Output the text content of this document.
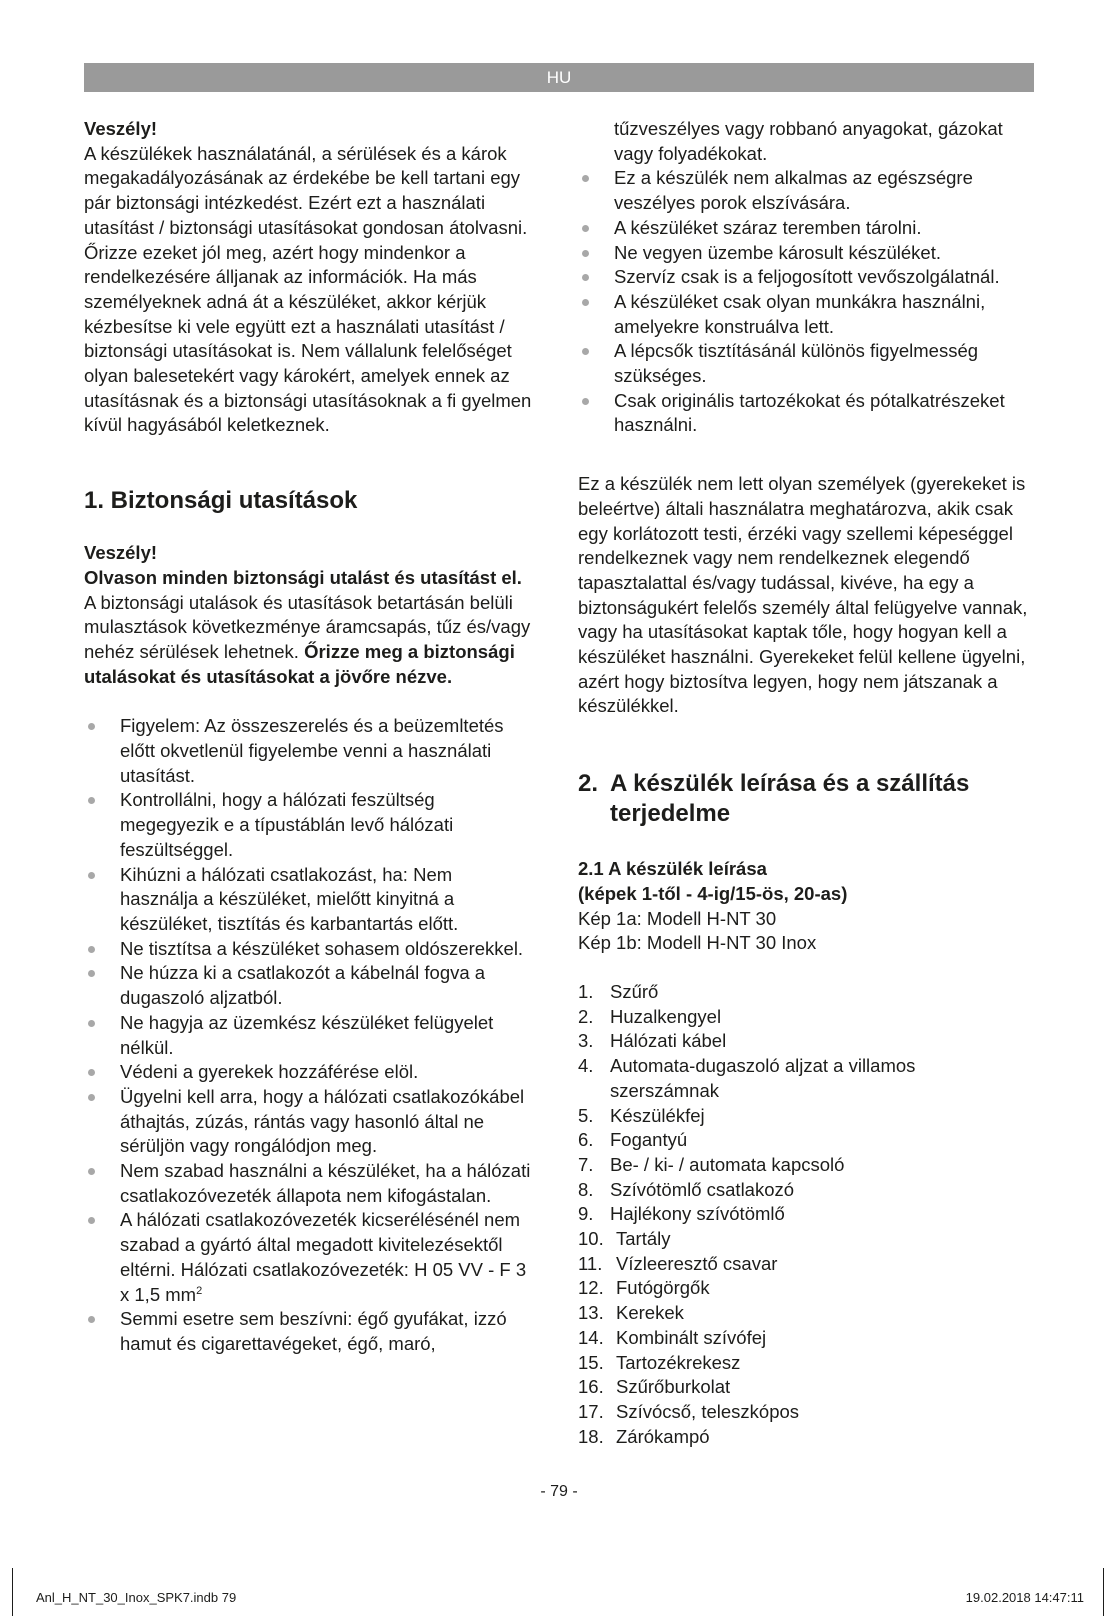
HU

Veszély!

A készülékek használatánál, a sérülések és a károk megakadályozásának az érdekébe be kell tartani egy pár biztonsági intézkedést. Ezért ezt a használati utasítást / biztonsági utasításokat gondosan átolvasni. Őrizze ezeket jól meg, azért hogy mindenkor a rendelkezésére álljanak az információk. Ha más személyeknek adná át a készüléket, akkor kérjük kézbesítse ki vele együtt ezt a használati utasítást / biztonsági utasításokat is. Nem vállalunk felelőséget olyan balesetekért vagy károkért, amelyek ennek az utasításnak és a biztonsági utasításoknak a fi gyelmen kívül hagyásából keletkeznek.

1. Biztonsági utasítások

Veszély!

Olvason minden biztonsági utalást és utasítást el. A biztonsági utalások és utasítások betartásán belüli mulasztások következménye áramcsapás, tűz és/vagy nehéz sérülések lehetnek. Őrizze meg a biztonsági utalásokat és utasításokat a jövőre nézve.

Figyelem: Az összeszerelés és a beüzemltetés előtt okvetlenül figyelembe venni a használati utasítást.
Kontrollálni, hogy a hálózati feszültség megegyezik e a típustáblán levő hálózati feszültséggel.
Kihúzni a hálózati csatlakozást, ha: Nem használja a készüléket, mielőtt kinyitná a készüléket, tisztítás és karbantartás előtt.
Ne tisztítsa a készüléket sohasem oldószerekkel.
Ne húzza ki a csatlakozót a kábelnál fogva a dugaszoló aljzatból.
Ne hagyja az üzemkész készüléket felügyelet nélkül.
Védeni a gyerekek hozzáférése elöl.
Ügyelni kell arra, hogy a hálózati csatlakozókábel áthajtás, zúzás, rántás vagy hasonló által ne sérüljön vagy rongálódjon meg.
Nem szabad használni a készüléket, ha a hálózati csatlakozóvezeték állapota nem kifogástalan.
A hálózati csatlakozóvezeték kicserélésénél nem szabad a gyártó által megadott kivitelezésektől eltérni. Hálózati csatlakozóvezeték: H 05 VV - F 3 x 1,5 $mm^2$
Semmi esetre sem beszívni: égő gyufákat, izzó hamut és cigarettavégeket, égő, maró,

tűzveszélyes vagy robbanó anyagokat, gázokat vagy folyadékokat.

Ez a készülék nem alkalmas az egészségre veszélyes porok elszívására.
A készüléket száraz teremben tárolni.
Ne vegyen üzembe károsult készüléket.
Szervíz csak is a feljogosított vevőszolgálatnál.
A készüléket csak olyan munkákra használni, amelyekre konstruálva lett.
A lépcsők tisztításánál különös figyelmesség szükséges.
Csak originális tartozékokat és pótalkatrészeket használni.

Ez a készülék nem lett olyan személyek (gyerekeket is beleértve) általi használatra meghatározva, akik csak egy korlátozott testi, érzéki vagy szellemi képeséggel rendelkeznek vagy nem rendelkeznek elegendő tapasztalattal és/vagy tudással, kivéve, ha egy a biztonságukért felelős személy által felügyelve vannak, vagy ha utasításokat kaptak tőle, hogy hogyan kell a készüléket használni. Gyerekeket felül kellene ügyelni, azért hogy biztosítva legyen, hogy nem játszanak a készülékkel.

2. A készülék leírása és a szállítás terjedelme

2.1 A készülék leírása

(képek 1-től - 4-ig/15-ös, 20-as)

Kép 1a: Modell H-NT 30

Kép 1b: Modell H-NT 30 Inox

1. Szűrő
2. Huzalkengyel
3. Hálózati kábel
4. Automata-dugaszoló aljzat a villamos
szerszámnak
5. Készülékfej
6. Fogantyú
7. Be- / ki- / automata kapcsoló
8. Szívótömlő csatlakozó
9. Hajlékony szívótömlő
10. Tartály
11. Vízleeresztő csavar
12. Futógörgők
13. Kerekek
14. Kombinált szívófej
15. Tartozékrekesz
16. Szűrőburkolat
17. Szívócső, teleszkópos
18. Zárókampó
- 79 -
Anl_H_NT_30_Inox_SPK7.indb 79	19.02.2018 14:47:11
